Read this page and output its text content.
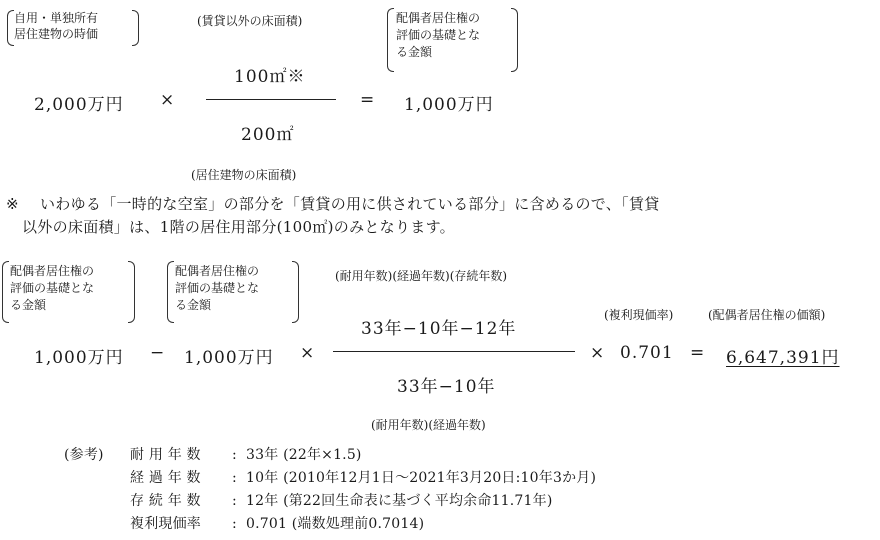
自用・単独所有
居住建物の時価
(賃貸以外の床面積)	配偶者居住権の
評価の基礎とな
る金額
2,000万円 ×
100㎡※
200㎡
= 1,000万円
(居住建物の床面積)
※ いわゆる「一時的な空室」の部分を「賃貸の用に供されている部分」に含めるので、「賃貸
以外の床面積」は、1階の居住用部分(100㎡)のみとなります。
配偶者居住権の
評価の基礎とな
る金額
配偶者居住権の
評価の基礎とな
る金額
(耐用年数)(経過年数)(存続年数)
1,000万円 − 1,000万円 ×
33年−10年−12年
33年−10年
(複利現価率)	(配偶者居住権の価額)
× 0.701 = 6,647,391円
(耐用年数)(経過年数)
(参考) 耐 用 年 数 : 33年 (22年×1.5)
経 過 年 数 : 10年 (2010年12月1日〜2021年3月20日:10年3か月)
存 続 年 数 : 12年 (第22回生命表に基づく平均余命11.71年)
複利現価率 : 0.701 (端数処理前0.7014)
